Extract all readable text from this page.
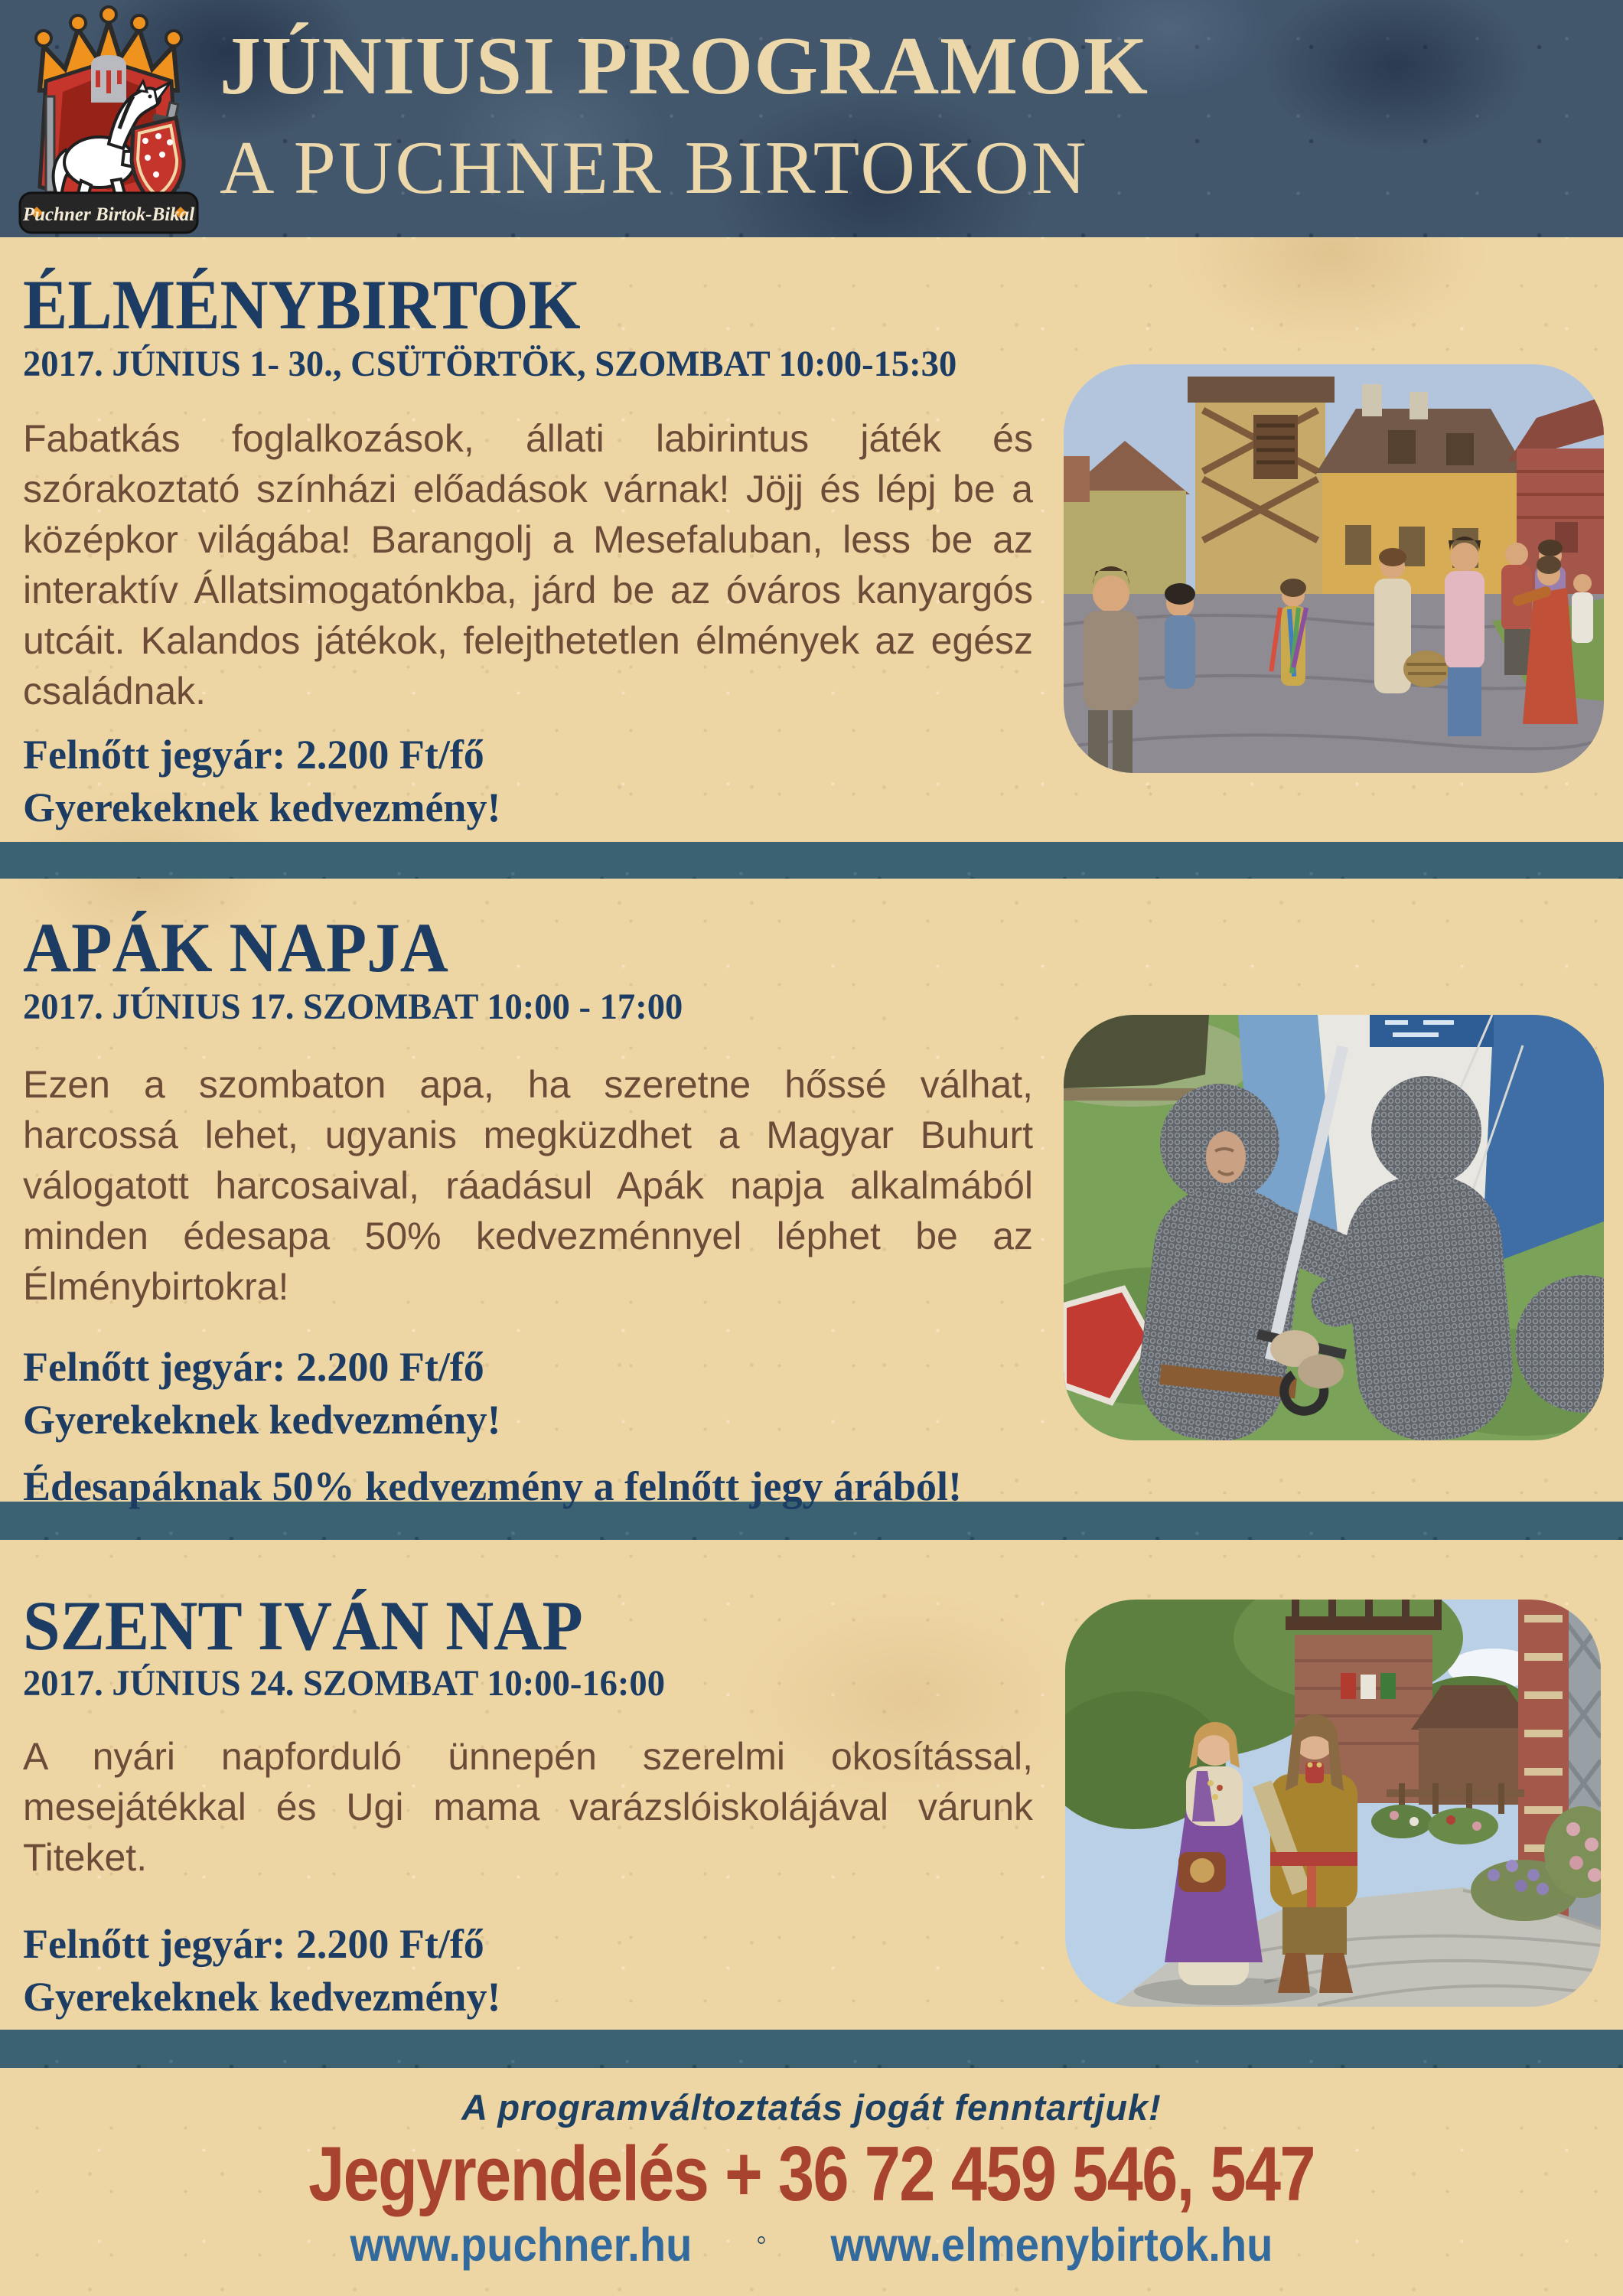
Puchner Birtok-Bikal
JÚNIUSI PROGRAMOK
A PUCHNER BIRTOKON
ÉLMÉNYBIRTOK
2017. JÚNIUS 1- 30., CSÜTÖRTÖK, SZOMBAT 10:00-15:30
Fabatkás foglalkozások, állati labirintus játék és szórakoztató színházi előadások várnak! Jöjj és lépj be a középkor világába! Barangolj a Mesefaluban, less be az interaktív Állatsimogatónkba, járd be az óváros kanyargós utcáit. Kalandos játékok, felejthetetlen élmények az egész családnak.
Felnőtt jegyár: 2.200 Ft/fő
Gyerekeknek kedvezmény!
APÁK NAPJA
2017. JÚNIUS 17. SZOMBAT 10:00 - 17:00
Ezen a szombaton apa, ha szeretne hőssé válhat, harcossá lehet, ugyanis megküzdhet a Magyar Buhurt válogatott harcosaival, ráadásul Apák napja alkalmából minden édesapa 50% kedvezménnyel léphet be az Élménybirtokra!
Felnőtt jegyár: 2.200 Ft/fő
Gyerekeknek kedvezmény!
Édesapáknak 50% kedvezmény a felnőtt jegy árából!
SZENT IVÁN NAP
2017. JÚNIUS 24. SZOMBAT 10:00-16:00
A nyári napforduló ünnepén szerelmi okosítással, mesejátékkal és Ugi mama varázslóiskolájával várunk Titeket.
Felnőtt jegyár: 2.200 Ft/fő
Gyerekeknek kedvezmény!
A programváltoztatás jogát fenntartjuk!
Jegyrendelés + 36 72 459 546, 547
www.puchner.hu ◦ www.elmenybirtok.hu
